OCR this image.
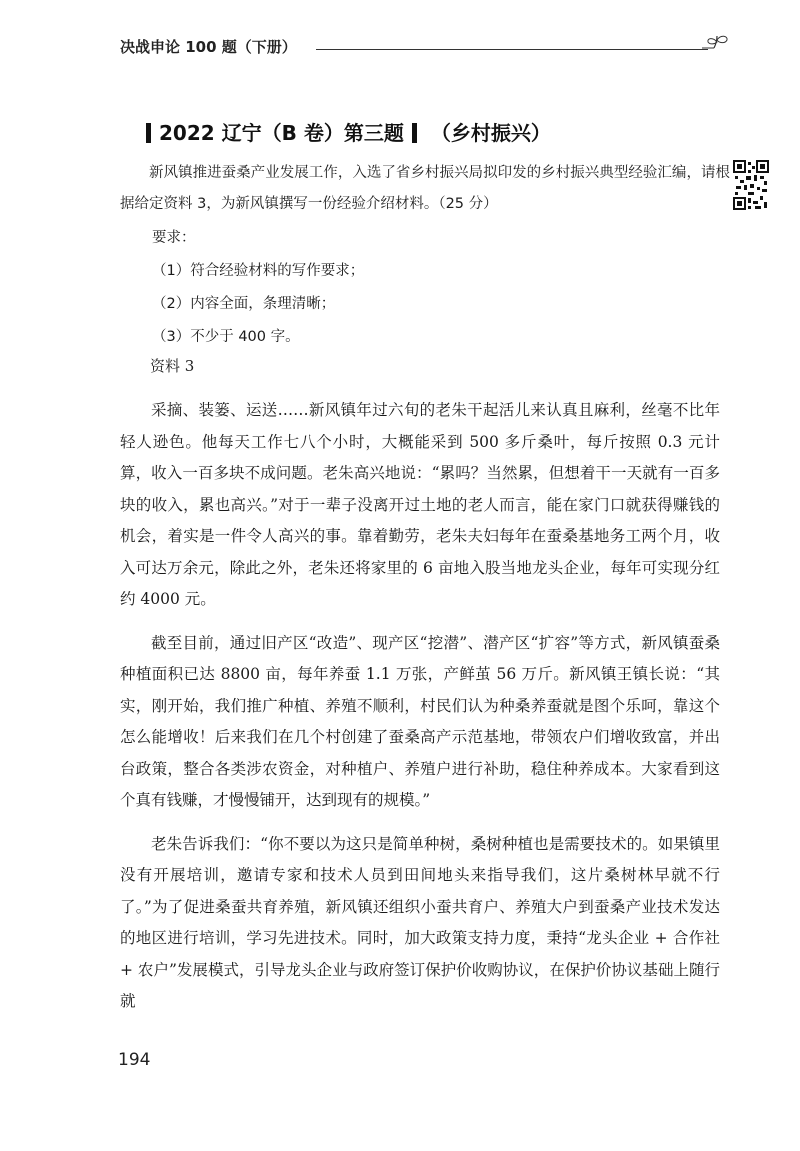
决战申论 100 题（下册）
2022 辽宁（B 卷）第三题 （乡村振兴）

新风镇推进蚕桑产业发展工作，入选了省乡村振兴局拟印发的乡村振兴典型经验汇编，请根据给定资料 3，为新风镇撰写一份经验介绍材料。（25 分）

要求：
（1）符合经验材料的写作要求；
（2）内容全面，条理清晰；
（3）不少于 400 字。
资料 3

采摘、装篓、运送……新风镇年过六旬的老朱干起活儿来认真且麻利，丝毫不比年轻人逊色。他每天工作七八个小时，大概能采到 500 多斤桑叶，每斤按照 0.3 元计算，收入一百多块不成问题。老朱高兴地说：“累吗？当然累，但想着干一天就有一百多块的收入，累也高兴。”对于一辈子没离开过土地的老人而言，能在家门口就获得赚钱的机会，着实是一件令人高兴的事。靠着勤劳，老朱夫妇每年在蚕桑基地务工两个月，收入可达万余元，除此之外，老朱还将家里的 6 亩地入股当地龙头企业，每年可实现分红约 4000 元。

截至目前，通过旧产区“改造”、现产区“挖潜”、潜产区“扩容”等方式，新风镇蚕桑种植面积已达 8800 亩，每年养蚕 1.1 万张，产鲜茧 56 万斤。新风镇王镇长说：“其实，刚开始，我们推广种植、养殖不顺利，村民们认为种桑养蚕就是图个乐呵，靠这个怎么能增收！后来我们在几个村创建了蚕桑高产示范基地，带领农户们增收致富，并出台政策，整合各类涉农资金，对种植户、养殖户进行补助，稳住种养成本。大家看到这个真有钱赚，才慢慢铺开，达到现有的规模。”

老朱告诉我们：“你不要以为这只是简单种树，桑树种植也是需要技术的。如果镇里没有开展培训，邀请专家和技术人员到田间地头来指导我们，这片桑树林早就不行了。”为了促进桑蚕共育养殖，新风镇还组织小蚕共育户、养殖大户到蚕桑产业技术发达的地区进行培训，学习先进技术。同时，加大政策支持力度，秉持“龙头企业 + 合作社 + 农户”发展模式，引导龙头企业与政府签订保护价收购协议，在保护价协议基础上随行就

194
